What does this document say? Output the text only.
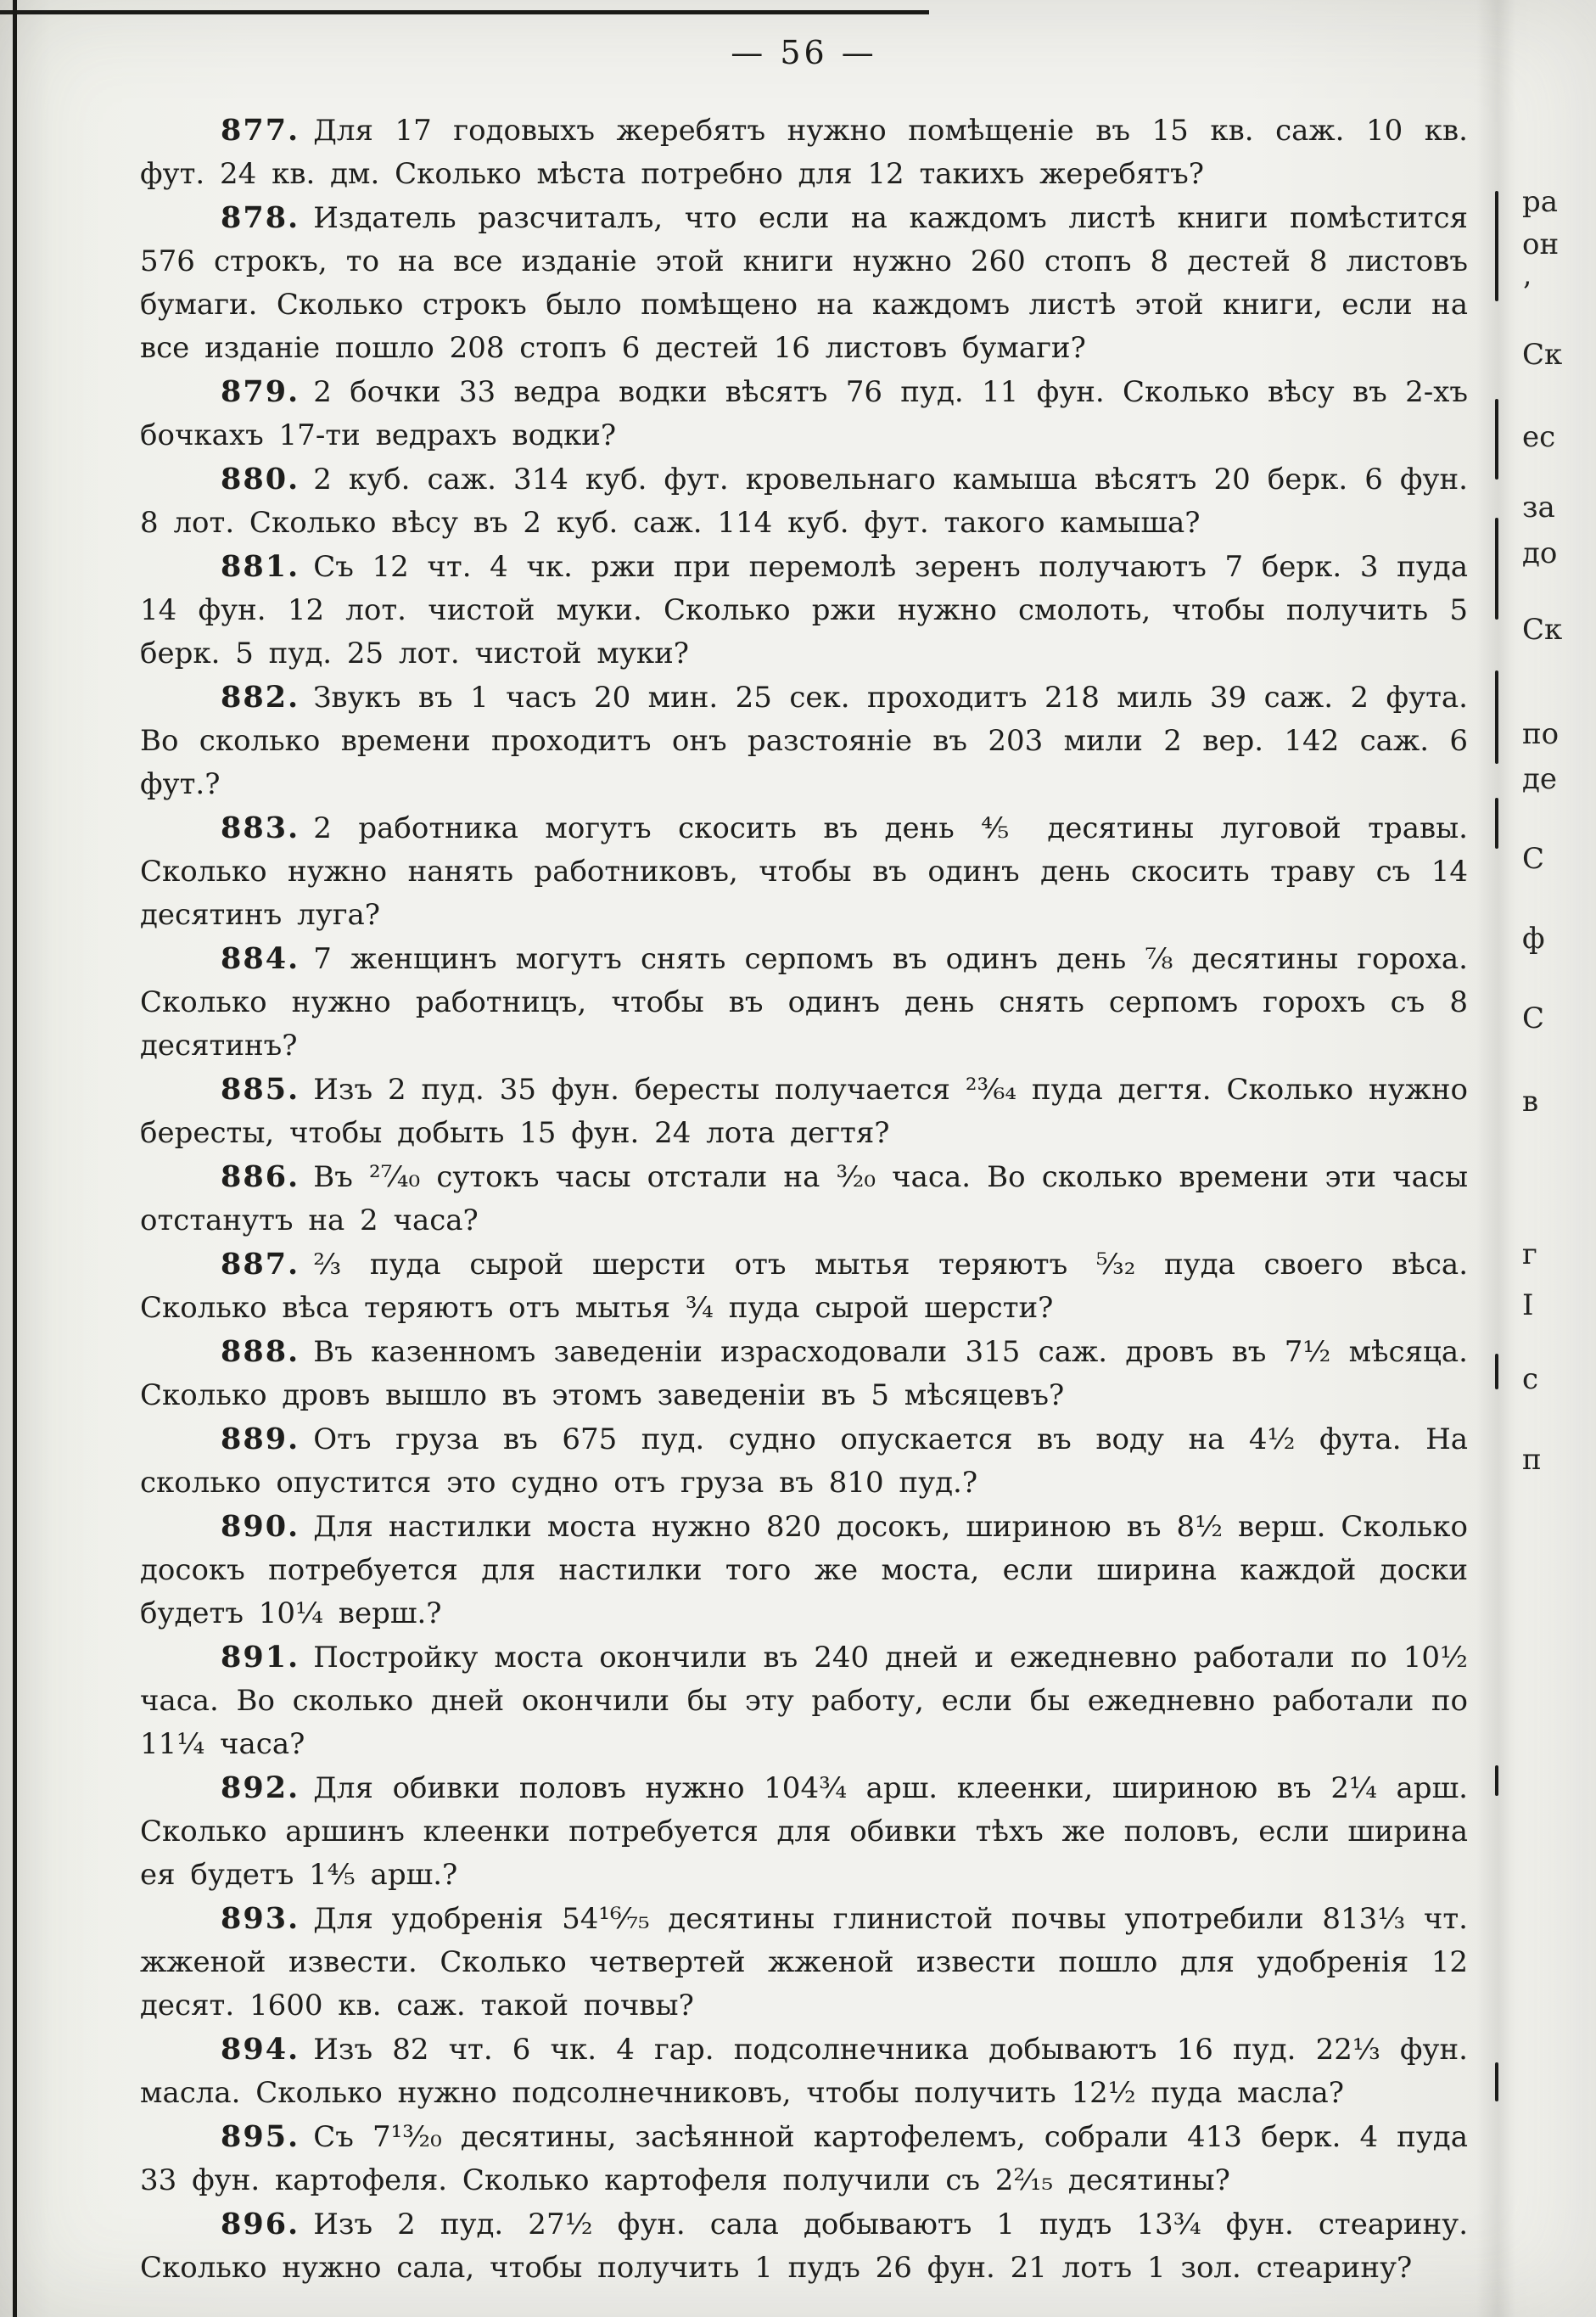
— 56 —

877. Для 17 годовыхъ жеребятъ нужно помѣщеніе въ 15 кв. саж. 10 кв. фут. 24 кв. дм. Сколько мѣста потребно для 12 такихъ жеребятъ?

878. Издатель разсчиталъ, что если на каждомъ листѣ книги помѣстится 576 строкъ, то на все изданіе этой книги нужно 260 стопъ 8 дестей 8 листовъ бумаги. Сколько строкъ было помѣщено на каждомъ листѣ этой книги, если на все изданіе пошло 208 стопъ 6 дестей 16 листовъ бумаги?

879. 2 бочки 33 ведра водки вѣсятъ 76 пуд. 11 фун. Сколько вѣсу въ 2-хъ бочкахъ 17-ти ведрахъ водки?

880. 2 куб. саж. 314 куб. фут. кровельнаго камыша вѣсятъ 20 берк. 6 фун. 8 лот. Сколько вѣсу въ 2 куб. саж. 114 куб. фут. такого камыша?

881. Съ 12 чт. 4 чк. ржи при перемолѣ зеренъ получаютъ 7 берк. 3 пуда 14 фун. 12 лот. чистой муки. Сколько ржи нужно смолоть, чтобы получить 5 берк. 5 пуд. 25 лот. чистой муки?

882. Звукъ въ 1 часъ 20 мин. 25 сек. проходитъ 218 миль 39 саж. 2 фута. Во сколько времени проходитъ онъ разстояніе въ 203 мили 2 вер. 142 саж. 6 фут.?

883. 2 работника могутъ скосить въ день ⅘ десятины луговой травы. Сколько нужно нанять работниковъ, чтобы въ одинъ день скосить траву съ 14 десятинъ луга?

884. 7 женщинъ могутъ снять серпомъ въ одинъ день ⅞ десятины гороха. Сколько нужно работницъ, чтобы въ одинъ день снять серпомъ горохъ съ 8 десятинъ?

885. Изъ 2 пуд. 35 фун. бересты получается ²³⁄₆₄ пуда дегтя. Сколько нужно бересты, чтобы добыть 15 фун. 24 лота дегтя?

886. Въ ²⁷⁄₄₀ сутокъ часы отстали на ³⁄₂₀ часа. Во сколько времени эти часы отстанутъ на 2 часа?

887. ⅔ пуда сырой шерсти отъ мытья теряютъ ⁵⁄₃₂ пуда своего вѣса. Сколько вѣса теряютъ отъ мытья ¾ пуда сырой шерсти?

888. Въ казенномъ заведеніи израсходовали 315 саж. дровъ въ 7½ мѣсяца. Сколько дровъ вышло въ этомъ заведеніи въ 5 мѣсяцевъ?

889. Отъ груза въ 675 пуд. судно опускается въ воду на 4½ фута. На сколько опустится это судно отъ груза въ 810 пуд.?

890. Для настилки моста нужно 820 досокъ, шириною въ 8½ верш. Сколько досокъ потребуется для настилки того же моста, если ширина каждой доски будетъ 10¼ верш.?

891. Постройку моста окончили въ 240 дней и ежедневно работали по 10½ часа. Во сколько дней окончили бы эту работу, если бы ежедневно работали по 11¼ часа?

892. Для обивки половъ нужно 104¾ арш. клеенки, шириною въ 2¼ арш. Сколько аршинъ клеенки потребуется для обивки тѣхъ же половъ, если ширина ея будетъ 1⅘ арш.?

893. Для удобренія 54¹⁶⁄₇₅ десятины глинистой почвы употребили 813⅓ чт. жженой извести. Сколько четвертей жженой извести пошло для удобренія 12 десят. 1600 кв. саж. такой почвы?

894. Изъ 82 чт. 6 чк. 4 гар. подсолнечника добываютъ 16 пуд. 22⅓ фун. масла. Сколько нужно подсолнечниковъ, чтобы получить 12½ пуда масла?

895. Съ 7¹³⁄₂₀ десятины, засѣянной картофелемъ, собрали 413 берк. 4 пуда 33 фун. картофеля. Сколько картофеля получили съ 2²⁄₁₅ десятины?

896. Изъ 2 пуд. 27½ фун. сала добываютъ 1 пудъ 13¾ фун. стеарину. Сколько нужно сала, чтобы получить 1 пудъ 26 фун. 21 лотъ 1 зол. стеарину?

ра
он
’
Ск
ес
за
до
Ск
по
де
С
ф
С
в
г
І
с
п
